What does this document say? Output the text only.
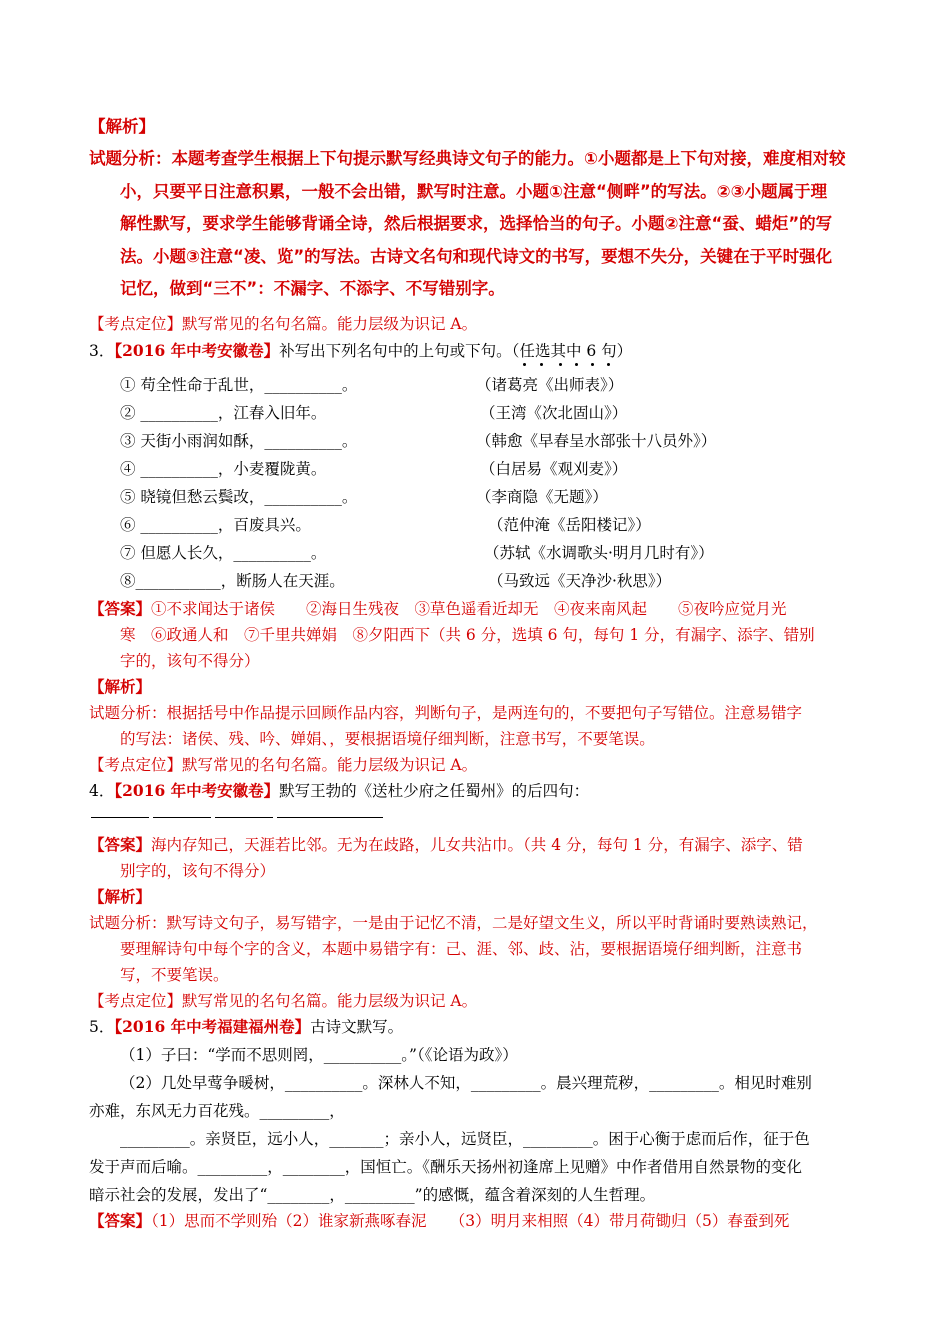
【解析】
试题分析：本题考查学生根据上下句提示默写经典诗文句子的能力。①小题都是上下句对接，难度相对较
小，只要平日注意积累，一般不会出错，默写时注意。小题①注意“侧畔”的写法。②③小题属于理
解性默写，要求学生能够背诵全诗，然后根据要求，选择恰当的句子。小题②注意“蚕、蜡炬”的写
法。小题③注意“凌、览”的写法。古诗文名句和现代诗文的书写，要想不失分，关键在于平时强化
记忆，做到“三不”：不漏字、不添字、不写错别字。
【考点定位】默写常见的名句名篇。能力层级为识记 A。
3．【2016 年中考安徽卷】补写出下列名句中的上句或下句。（任选其中 6 句
）
① 苟全性命于乱世，__________。	（诸葛亮《出师表》）
② __________，江春入旧年。	（王湾《次北固山》）
③ 天街小雨润如酥，__________。	（韩愈《早春呈水部张十八员外》）
④ __________，小麦覆陇黄。	（白居易《观刈麦》）
⑤ 晓镜但愁云鬓改，__________。	（李商隐《无题》）
⑥ __________，百废具兴。	（范仲淹《岳阳楼记》）
⑦ 但愿人长久，__________。	（苏轼《水调歌头·明月几时有》）
⑧___________，断肠人在天涯。	（马致远《天净沙·秋思》）
【答案】①不求闻达于诸侯　　②海日生残夜　③草色遥看近却无　④夜来南风起　　⑤夜吟应觉月光
寒　⑥政通人和　⑦千里共婵娟　⑧夕阳西下（共 6 分，选填 6 句，每句 1 分，有漏字、添字、错别
字的，该句不得分）
【解析】
试题分析：根据括号中作品提示回顾作品内容，判断句子，是两连句的，不要把句子写错位。注意易错字
的写法：诸侯、残、吟、婵娟、，要根据语境仔细判断，注意书写，不要笔误。
【考点定位】默写常见的名句名篇。能力层级为识记 A。
4．【2016 年中考安徽卷】默写王勃的《送杜少府之任蜀州》的后四句：
【答案】海内存知己，天涯若比邻。无为在歧路，儿女共沾巾。（共 4 分，每句 1 分，有漏字、添字、错
别字的，该句不得分）
【解析】
试题分析：默写诗文句子，易写错字，一是由于记忆不清，二是好望文生义，所以平时背诵时要熟读熟记，
要理解诗句中每个字的含义，本题中易错字有：己、涯、邻、歧、沾，要根据语境仔细判断，注意书
写，不要笔误。
【考点定位】默写常见的名句名篇。能力层级为识记 A。
5．【2016 年中考福建福州卷】古诗文默写。
（1）子曰：“学而不思则罔，__________。”（《论语为政》）
（2）几处早莺争暖树，__________。深林人不知，_________。晨兴理荒秽，_________。相见时难别
亦难，东风无力百花残。_________，
_________。亲贤臣，远小人，_______；亲小人，远贤臣，_________。困于心衡于虑而后作，征于色
发于声而后喻。_________，________，国恒亡。《酬乐天扬州初逢席上见赠》中作者借用自然景物的变化
暗示社会的发展，发出了“________，_________”的感慨，蕴含着深刻的人生哲理。
【答案】（1）思而不学则殆（2）谁家新燕啄春泥　　（3）明月来相照（4）带月荷锄归（5）春蚕到死
